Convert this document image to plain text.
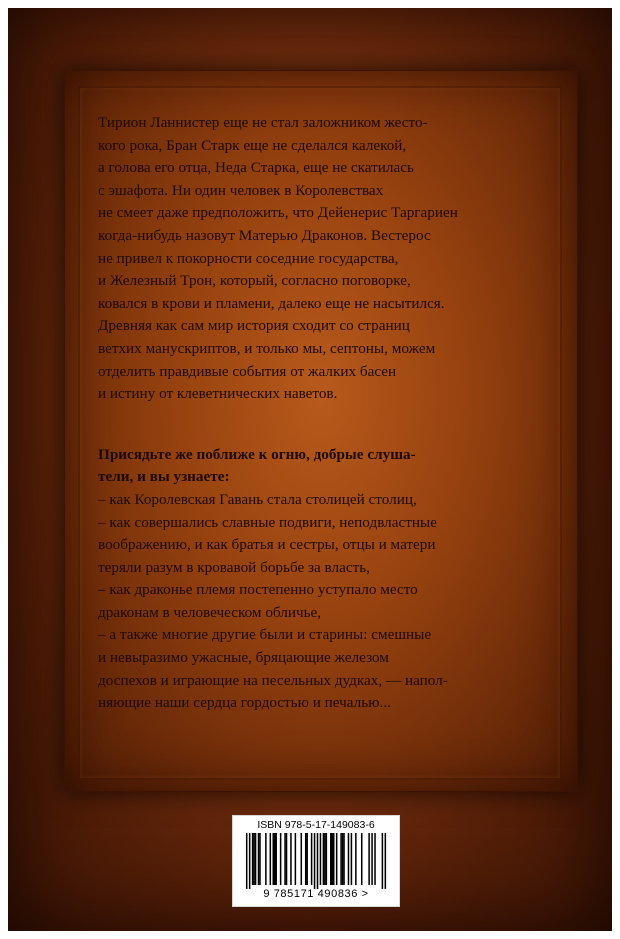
Тирион Ланнистер еще не стал заложником жесто-
кого рока, Бран Старк еще не сделался калекой,
а голова его отца, Неда Старка, еще не скатилась
с эшафота. Ни один человек в Королевствах
не смеет даже предположить, что Дейенерис Таргариен
когда-нибудь назовут Матерью Драконов. Вестерос
не привел к покорности соседние государства,
и Железный Трон, который, согласно поговорке,
ковался в крови и пламени, далеко еще не насытился.
Древняя как сам мир история сходит со страниц
ветхих манускриптов, и только мы, септоны, можем
отделить правдивые события от жалких басен
и истину от клеветнических наветов.
Присядьте же поближе к огню, добрые слуша-
тели, и вы узнаете:
– как Королевская Гавань стала столицей столиц,
– как совершались славные подвиги, неподвластные
воображению, и как братья и сестры, отцы и матери
теряли разум в кровавой борьбе за власть,
– как драконье племя постепенно уступало место
драконам в человеческом обличье,
– а также многие другие были и старины: смешные
и невыразимо ужасные, бряцающие железом
доспехов и играющие на песельных дудках, — напол-
няющие наши сердца гордостью и печалью...
ISBN 978-5-17-149083-6
9 785171 490836 >
